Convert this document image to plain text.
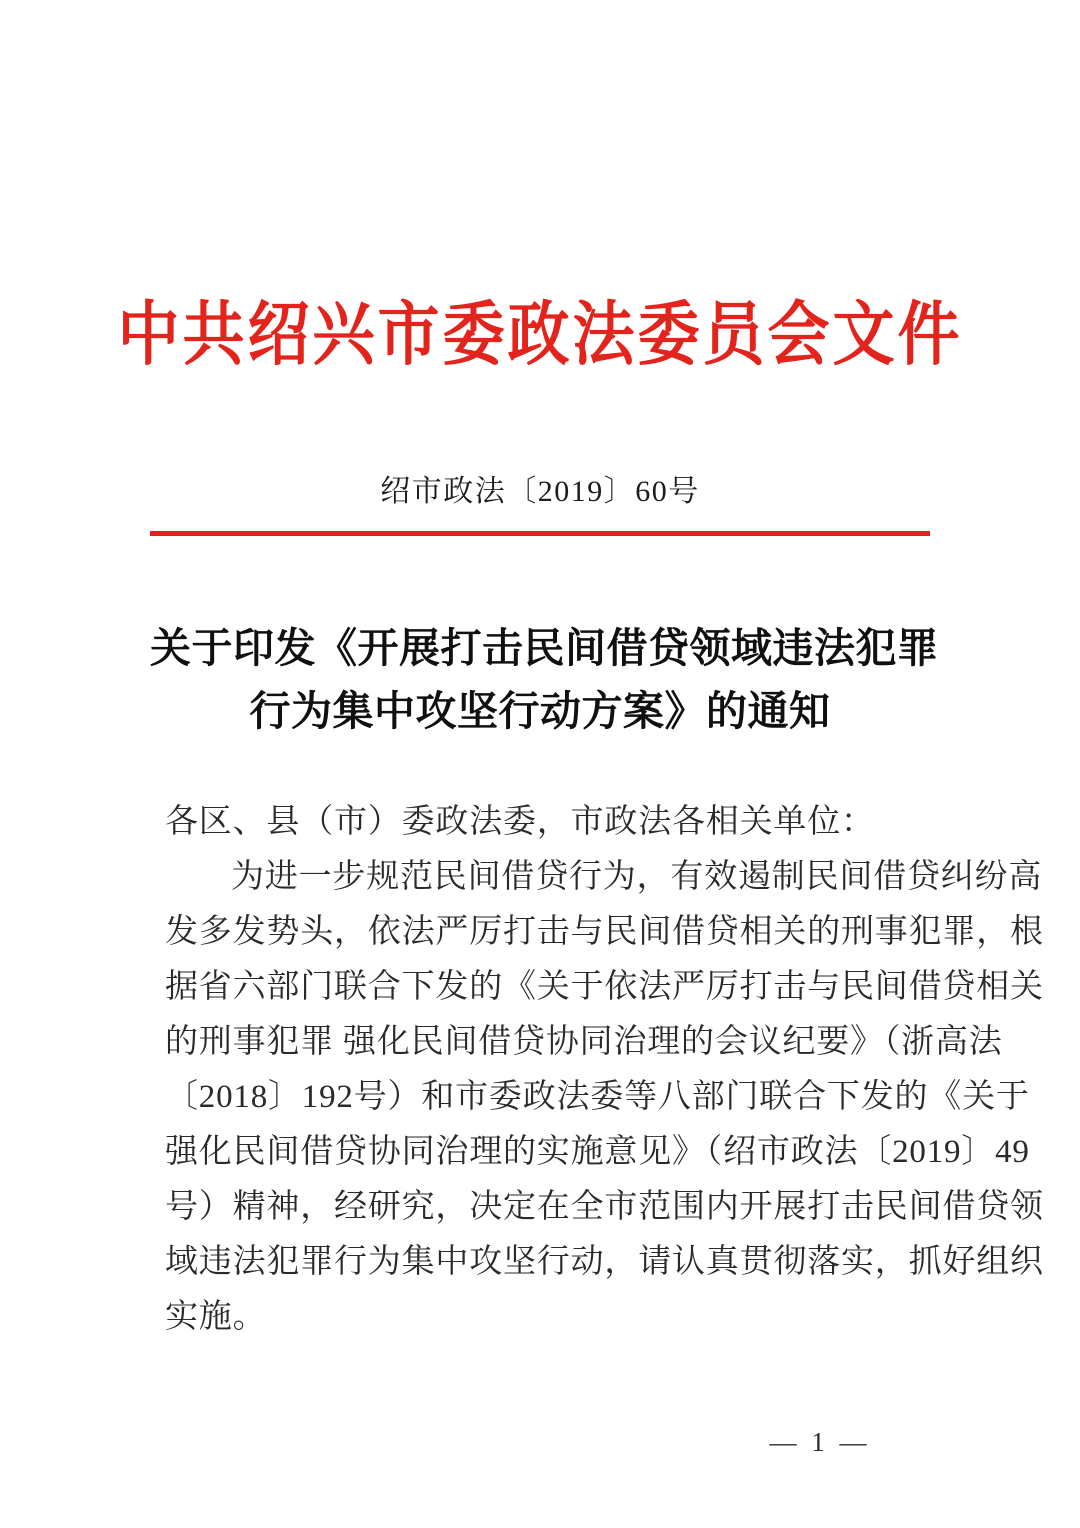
中共绍兴市委政法委员会文件
绍市政法〔2019〕60号
关于印发《开展打击民间借贷领域违法犯罪
行为集中攻坚行动方案》的通知
各区、县（市）委政法委，市政法各相关单位：
为进一步规范民间借贷行为，有效遏制民间借贷纠纷高
发多发势头，依法严厉打击与民间借贷相关的刑事犯罪，根
据省六部门联合下发的《关于依法严厉打击与民间借贷相关
的刑事犯罪 强化民间借贷协同治理的会议纪要》（浙高法
〔2018〕192号）和市委政法委等八部门联合下发的《关于
强化民间借贷协同治理的实施意见》（绍市政法〔2019〕49
号）精神，经研究，决定在全市范围内开展打击民间借贷领
域违法犯罪行为集中攻坚行动，请认真贯彻落实，抓好组织
实施。
— 1 —
